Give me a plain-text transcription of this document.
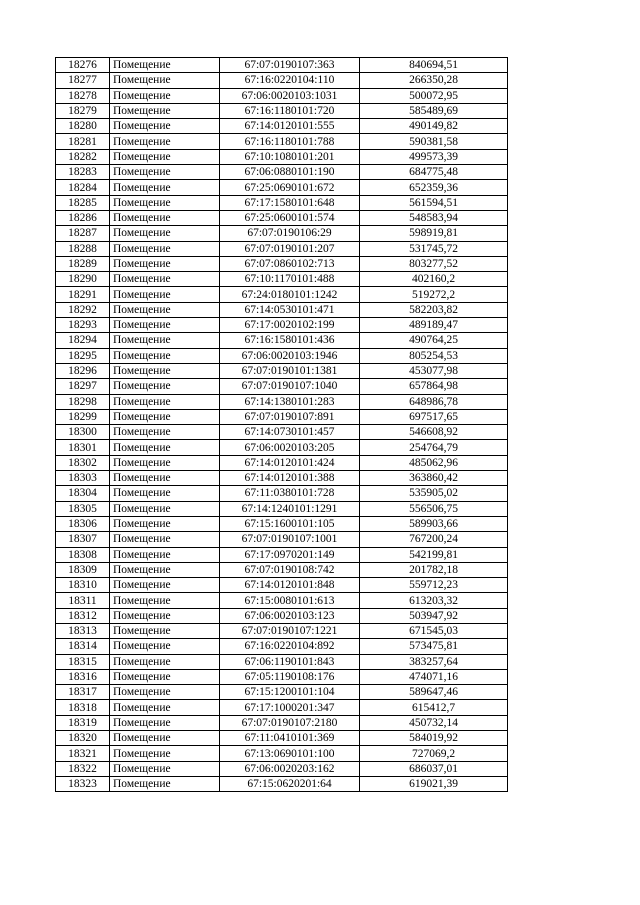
18276	Помещение	67:07:0190107:363	840694,51
18277	Помещение	67:16:0220104:110	266350,28
18278	Помещение	67:06:0020103:1031	500072,95
18279	Помещение	67:16:1180101:720	585489,69
18280	Помещение	67:14:0120101:555	490149,82
18281	Помещение	67:16:1180101:788	590381,58
18282	Помещение	67:10:1080101:201	499573,39
18283	Помещение	67:06:0880101:190	684775,48
18284	Помещение	67:25:0690101:672	652359,36
18285	Помещение	67:17:1580101:648	561594,51
18286	Помещение	67:25:0600101:574	548583,94
18287	Помещение	67:07:0190106:29	598919,81
18288	Помещение	67:07:0190101:207	531745,72
18289	Помещение	67:07:0860102:713	803277,52
18290	Помещение	67:10:1170101:488	402160,2
18291	Помещение	67:24:0180101:1242	519272,2
18292	Помещение	67:14:0530101:471	582203,82
18293	Помещение	67:17:0020102:199	489189,47
18294	Помещение	67:16:1580101:436	490764,25
18295	Помещение	67:06:0020103:1946	805254,53
18296	Помещение	67:07:0190101:1381	453077,98
18297	Помещение	67:07:0190107:1040	657864,98
18298	Помещение	67:14:1380101:283	648986,78
18299	Помещение	67:07:0190107:891	697517,65
18300	Помещение	67:14:0730101:457	546608,92
18301	Помещение	67:06:0020103:205	254764,79
18302	Помещение	67:14:0120101:424	485062,96
18303	Помещение	67:14:0120101:388	363860,42
18304	Помещение	67:11:0380101:728	535905,02
18305	Помещение	67:14:1240101:1291	556506,75
18306	Помещение	67:15:1600101:105	589903,66
18307	Помещение	67:07:0190107:1001	767200,24
18308	Помещение	67:17:0970201:149	542199,81
18309	Помещение	67:07:0190108:742	201782,18
18310	Помещение	67:14:0120101:848	559712,23
18311	Помещение	67:15:0080101:613	613203,32
18312	Помещение	67:06:0020103:123	503947,92
18313	Помещение	67:07:0190107:1221	671545,03
18314	Помещение	67:16:0220104:892	573475,81
18315	Помещение	67:06:1190101:843	383257,64
18316	Помещение	67:05:1190108:176	474071,16
18317	Помещение	67:15:1200101:104	589647,46
18318	Помещение	67:17:1000201:347	615412,7
18319	Помещение	67:07:0190107:2180	450732,14
18320	Помещение	67:11:0410101:369	584019,92
18321	Помещение	67:13:0690101:100	727069,2
18322	Помещение	67:06:0020203:162	686037,01
18323	Помещение	67:15:0620201:64	619021,39
